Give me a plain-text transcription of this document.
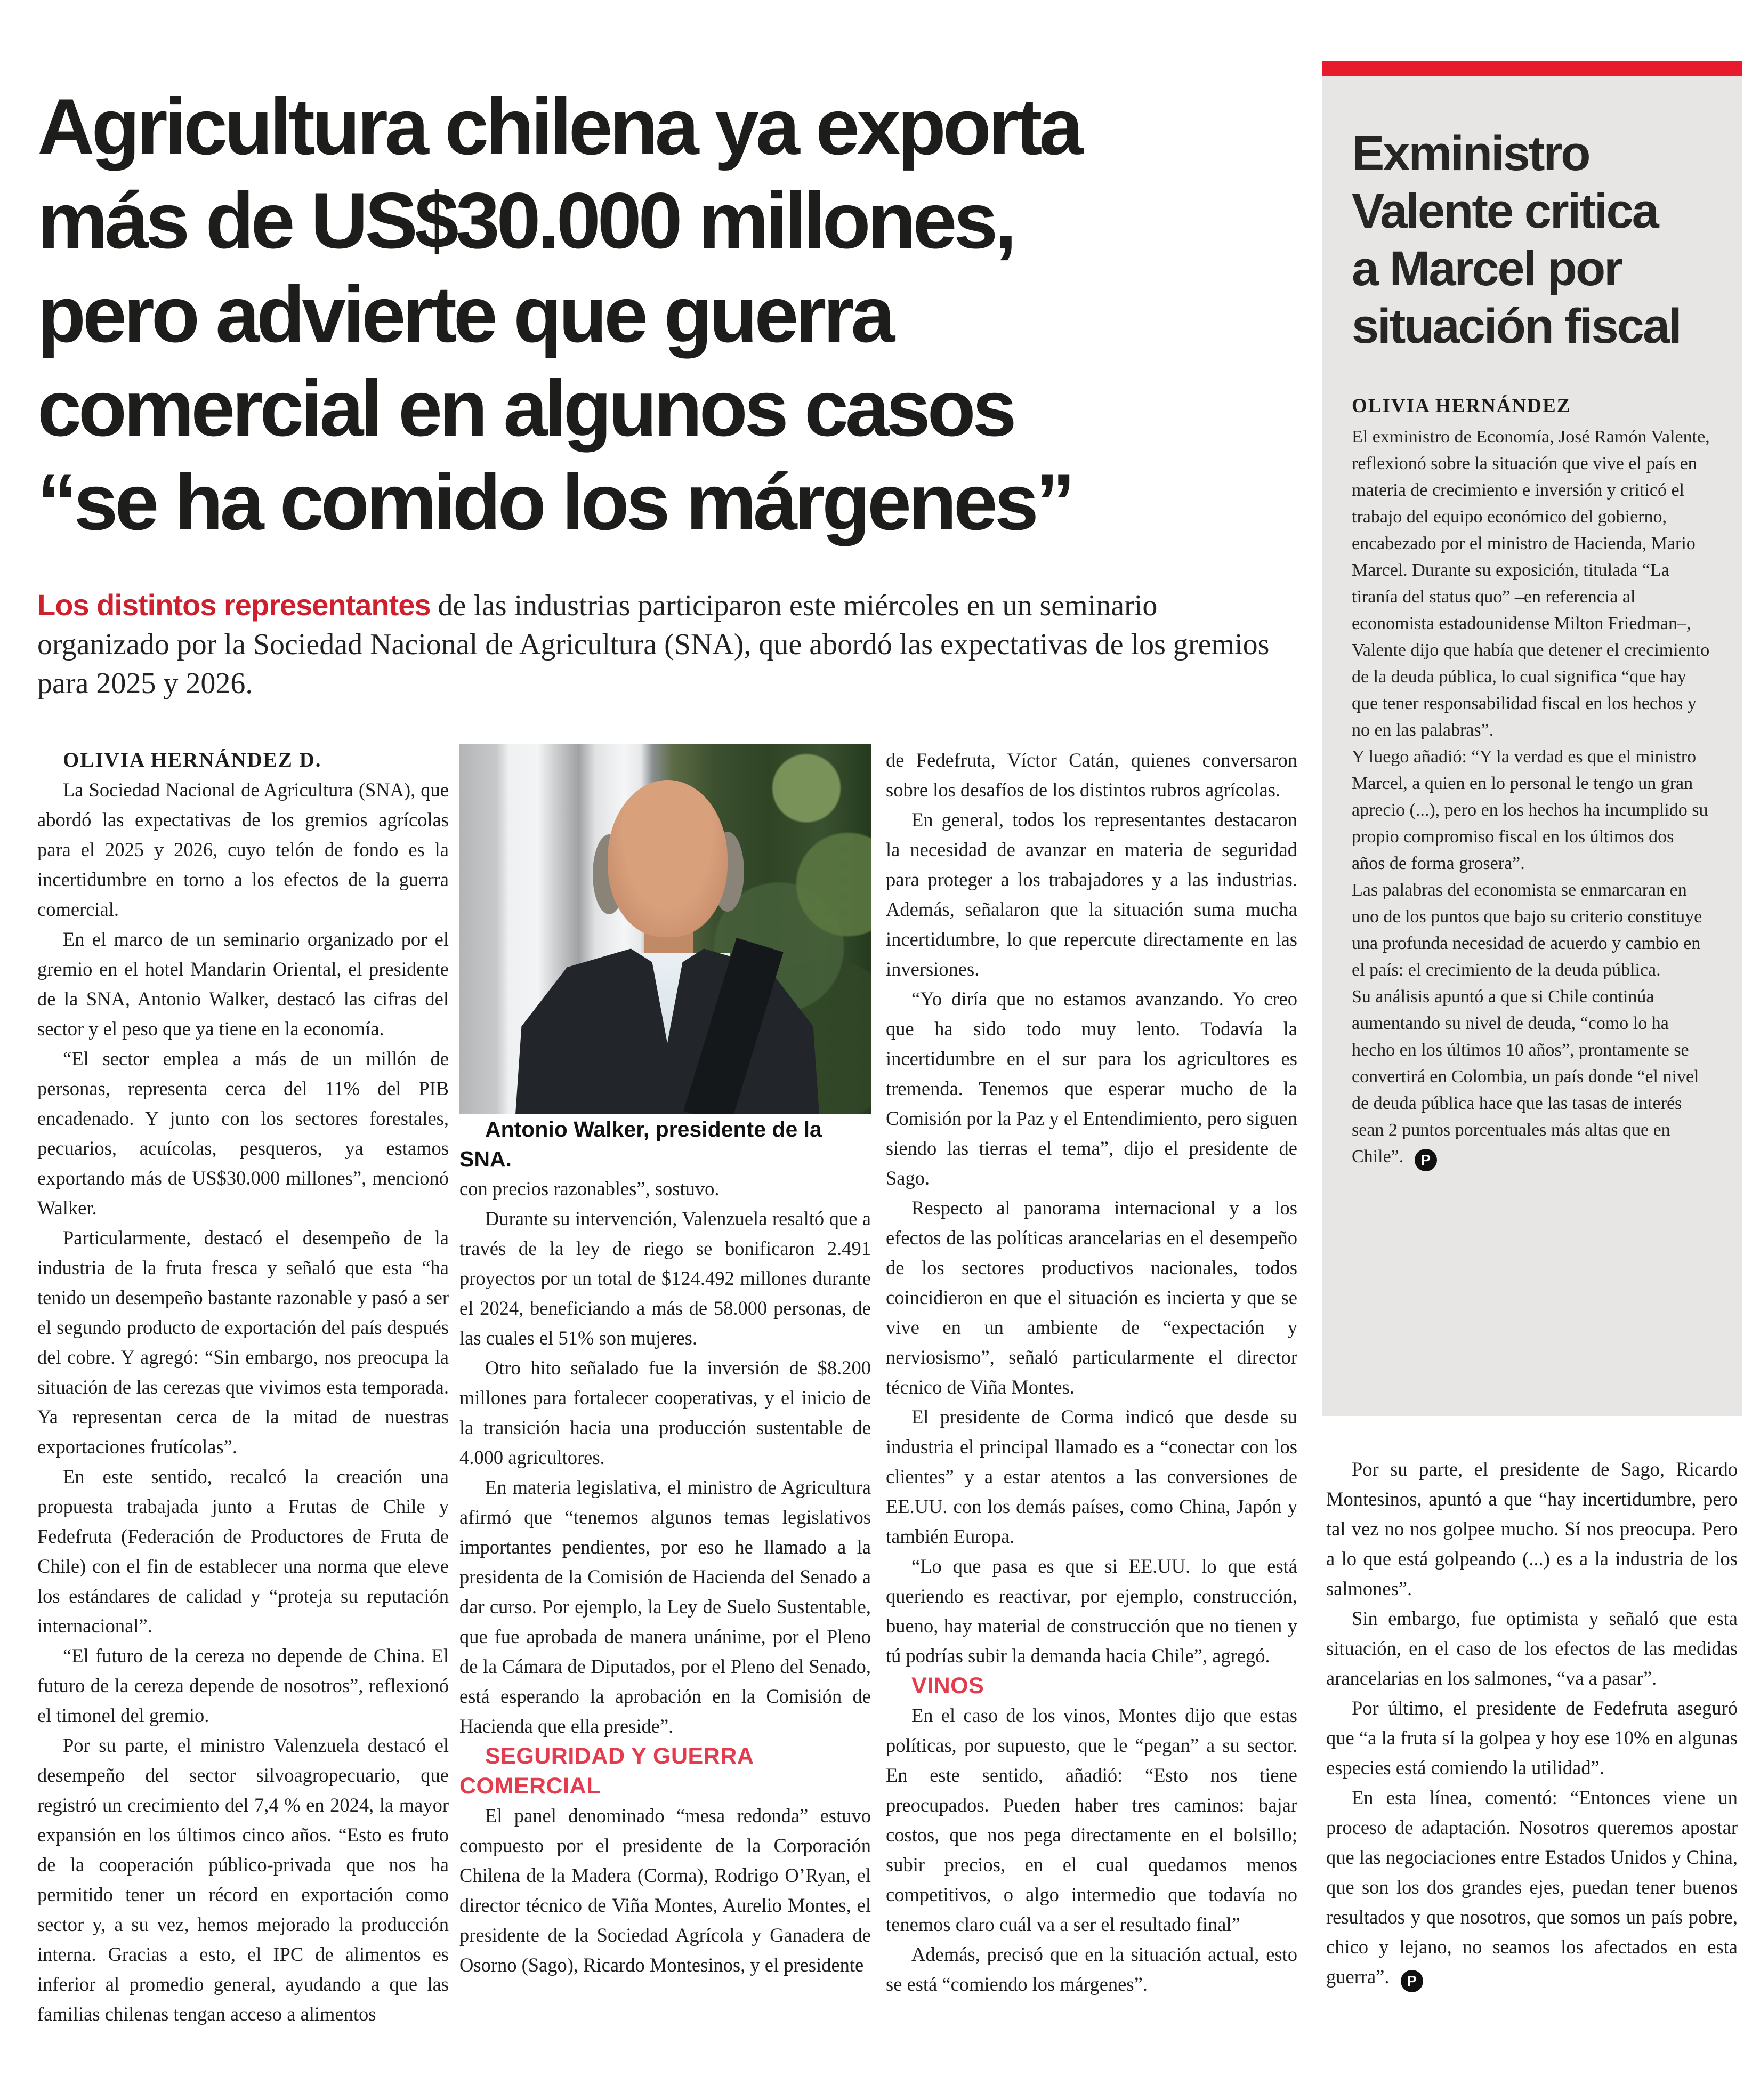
Agricultura chilena ya exporta
más de US$30.000 millones,
pero advierte que guerra
comercial en algunos casos
“se ha comido los márgenes”
Los distintos representantes de las industrias participaron este miércoles en un seminario organizado por la Sociedad Nacional de Agricultura (SNA), que abordó las expectativas de los gremios para 2025 y 2026.

OLIVIA HERNÁNDEZ D.

La Sociedad Nacional de Agricultura (SNA), que abordó las expectativas de los gremios agrícolas para el 2025 y 2026, cuyo telón de fondo es la incertidumbre en torno a los efectos de la guerra comercial.

En el marco de un seminario organizado por el gremio en el hotel Mandarin Oriental, el presidente de la SNA, Antonio Walker, destacó las cifras del sector y el peso que ya tiene en la economía.

“El sector emplea a más de un millón de personas, representa cerca del 11% del PIB encadenado. Y junto con los sectores forestales, pecuarios, acuícolas, pesqueros, ya estamos exportando más de US$30.000 millones”, mencionó Walker.

Particularmente, destacó el desempeño de la industria de la fruta fresca y señaló que esta “ha tenido un desempeño bastante razonable y pasó a ser el segundo producto de exportación del país después del cobre. Y agregó: “Sin embargo, nos preocupa la situación de las cerezas que vivimos esta temporada. Ya representan cerca de la mitad de nuestras exportaciones frutícolas”.

En este sentido, recalcó la creación una propuesta trabajada junto a Frutas de Chile y Fedefruta (Federación de Productores de Fruta de Chile) con el fin de establecer una norma que eleve los estándares de calidad y “proteja su reputación internacional”.

“El futuro de la cereza no depende de China. El futuro de la cereza depende de nosotros”, reflexionó el timonel del gremio.

Por su parte, el ministro Valenzuela destacó el desempeño del sector silvoagropecuario, que registró un crecimiento del 7,4 % en 2024, la mayor expansión en los últimos cinco años. “Esto es fruto de la cooperación público-privada que nos ha permitido tener un récord en exportación como sector y, a su vez, hemos mejorado la producción interna. Gracias a esto, el IPC de alimentos es inferior al promedio general, ayudando a que las familias chilenas tengan acceso a alimentos

Antonio Walker, presidente de la SNA.

con precios razonables”, sostuvo.

Durante su intervención, Valenzuela resaltó que a través de la ley de riego se bonificaron 2.491 proyectos por un total de $124.492 millones durante el 2024, beneficiando a más de 58.000 personas, de las cuales el 51% son mujeres.

Otro hito señalado fue la inversión de $8.200 millones para fortalecer cooperativas, y el inicio de la transición hacia una producción sustentable de 4.000 agricultores.

En materia legislativa, el ministro de Agricultura afirmó que “tenemos algunos temas legislativos importantes pendientes, por eso he llamado a la presidenta de la Comisión de Hacienda del Senado a dar curso. Por ejemplo, la Ley de Suelo Sustentable, que fue aprobada de manera unánime, por el Pleno de la Cámara de Diputados, por el Pleno del Senado, está esperando la aprobación en la Comisión de Hacienda que ella preside”.

SEGURIDAD Y GUERRA COMERCIAL

El panel denominado “mesa redonda” estuvo compuesto por el presidente de la Corporación Chilena de la Madera (Corma), Rodrigo O’Ryan, el director técnico de Viña Montes, Aurelio Montes, el presidente de la Sociedad Agrícola y Ganadera de Osorno (Sago), Ricardo Montesinos, y el presidente

de Fedefruta, Víctor Catán, quienes conversaron sobre los desafíos de los distintos rubros agrícolas.

En general, todos los representantes destacaron la necesidad de avanzar en materia de seguridad para proteger a los trabajadores y a las industrias. Además, señalaron que la situación suma mucha incertidumbre, lo que repercute directamente en las inversiones.

“Yo diría que no estamos avanzando. Yo creo que ha sido todo muy lento. Todavía la incertidumbre en el sur para los agricultores es tremenda. Tenemos que esperar mucho de la Comisión por la Paz y el Entendimiento, pero siguen siendo las tierras el tema”, dijo el presidente de Sago.

Respecto al panorama internacional y a los efectos de las políticas arancelarias en el desempeño de los sectores productivos nacionales, todos coincidieron en que el situación es incierta y que se vive en un ambiente de “expectación y nerviosismo”, señaló particularmente el director técnico de Viña Montes.

El presidente de Corma indicó que desde su industria el principal llamado es a “conectar con los clientes” y a estar atentos a las conversiones de EE.UU. con los demás países, como China, Japón y también Europa.

“Lo que pasa es que si EE.UU. lo que está queriendo es reactivar, por ejemplo, construcción, bueno, hay material de construcción que no tienen y tú podrías subir la demanda hacia Chile”, agregó.

VINOS

En el caso de los vinos, Montes dijo que estas políticas, por supuesto, que le “pegan” a su sector. En este sentido, añadió: “Esto nos tiene preocupados. Pueden haber tres caminos: bajar costos, que nos pega directamente en el bolsillo; subir precios, en el cual quedamos menos competitivos, o algo intermedio que todavía no tenemos claro cuál va a ser el resultado final”

Además, precisó que en la situación actual, esto se está “comiendo los márgenes”.

Exministro
Valente critica
a Marcel por
situación fiscal
OLIVIA HERNÁNDEZ

El exministro de Economía, José Ramón Valente, reflexionó sobre la situación que vive el país en materia de crecimiento e inversión y criticó el trabajo del equipo económico del gobierno, encabezado por el ministro de Hacienda, Mario Marcel. Durante su exposición, titulada “La tiranía del status quo” –en referencia al economista estadounidense Milton Friedman–, Valente dijo que había que detener el crecimiento de la deuda pública, lo cual significa “que hay que tener responsabilidad fiscal en los hechos y no en las palabras”.

Y luego añadió: “Y la verdad es que el ministro Marcel, a quien en lo personal le tengo un gran aprecio (...), pero en los hechos ha incumplido su propio compromiso fiscal en los últimos dos años de forma grosera”.

Las palabras del economista se enmarcaran en uno de los puntos que bajo su criterio constituye una profunda necesidad de acuerdo y cambio en el país: el crecimiento de la deuda pública.

Su análisis apuntó a que si Chile continúa aumentando su nivel de deuda, “como lo ha hecho en los últimos 10 años”, prontamente se convertirá en Colombia, un país donde “el nivel de deuda pública hace que las tasas de interés sean 2 puntos porcentuales más altas que en Chile”. P

Por su parte, el presidente de Sago, Ricardo Montesinos, apuntó a que “hay incertidumbre, pero tal vez no nos golpee mucho. Sí nos preocupa. Pero a lo que está golpeando (...) es a la industria de los salmones”.

Sin embargo, fue optimista y señaló que esta situación, en el caso de los efectos de las medidas arancelarias en los salmones, “va a pasar”.

Por último, el presidente de Fedefruta aseguró que “a la fruta sí la golpea y hoy ese 10% en algunas especies está comiendo la utilidad”.

En esta línea, comentó: “Entonces viene un proceso de adaptación. Nosotros queremos apostar que las negociaciones entre Estados Unidos y China, que son los dos grandes ejes, puedan tener buenos resultados y que nosotros, que somos un país pobre, chico y lejano, no seamos los afectados en esta guerra”. P
